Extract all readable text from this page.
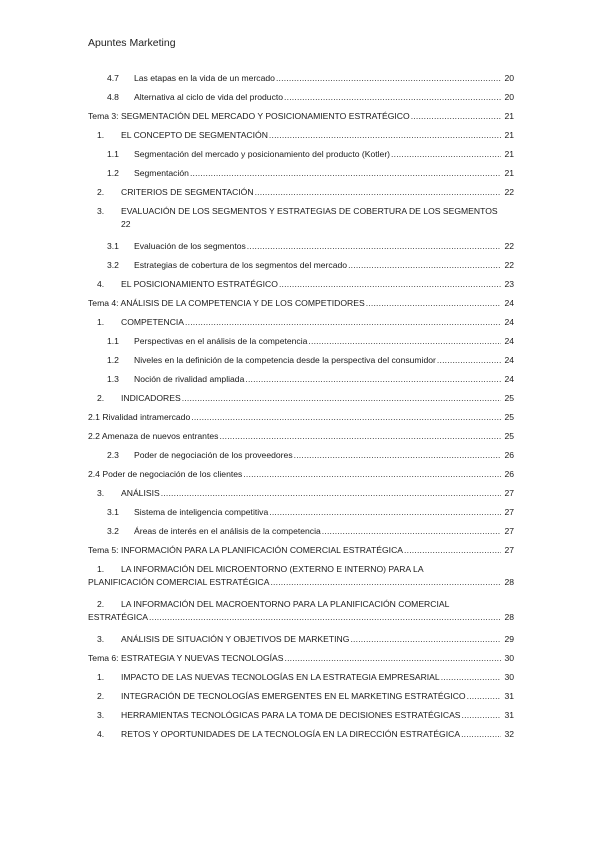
Apuntes Marketing
4.7	Las etapas en la vida de un mercado .....	20
4.8	Alternativa al ciclo de vida del producto .....	20
Tema 3: SEGMENTACIÓN DEL MERCADO Y POSICIONAMIENTO ESTRATÉGICO .....	21
1.	EL CONCEPTO DE SEGMENTACIÓN .....	21
1.1	Segmentación del mercado y posicionamiento del producto (Kotler) .....	21
1.2	Segmentación .....	21
2.	CRITERIOS DE SEGMENTACIÓN .....	22
3.	EVALUACIÓN DE LOS SEGMENTOS Y ESTRATEGIAS DE COBERTURA DE LOS SEGMENTOS
22
3.1	Evaluación de los segmentos .....	22
3.2	Estrategias de cobertura de los segmentos del mercado .....	22
4.	EL POSICIONAMIENTO ESTRATÉGICO .....	23
Tema 4: ANÁLISIS DE LA COMPETENCIA Y DE LOS COMPETIDORES .....	24
1.	COMPETENCIA .....	24
1.1	Perspectivas en el análisis de la competencia .....	24
1.2	Niveles en la definición de la competencia desde la perspectiva del consumidor .....	24
1.3	Noción de rivalidad ampliada .....	24
2.	INDICADORES .....	25
2.1 Rivalidad intramercado .....	25
2.2 Amenaza de nuevos entrantes .....	25
2.3	Poder de negociación de los proveedores .....	26
2.4 Poder de negociación de los clientes .....	26
3.	ANÁLISIS .....	27
3.1	Sistema de inteligencia competitiva .....	27
3.2	Áreas de interés en el análisis de la competencia .....	27
Tema 5: INFORMACIÓN PARA LA PLANIFICACIÓN COMERCIAL ESTRATÉGICA .....	27
1.	LA INFORMACIÓN DEL MICROENTORNO (EXTERNO E INTERNO) PARA LA
PLANIFICACIÓN COMERCIAL ESTRATÉGICA .....	28
2.	LA INFORMACIÓN DEL MACROENTORNO PARA LA PLANIFICACIÓN COMERCIAL
ESTRATÉGICA .....	28
3.	ANÁLISIS DE SITUACIÓN Y OBJETIVOS DE MARKETING .....	29
Tema 6: ESTRATEGIA Y NUEVAS TECNOLOGÍAS .....	30
1.	IMPACTO DE LAS NUEVAS TECNOLOGÍAS EN LA ESTRATEGIA EMPRESARIAL .....	30
2.	INTEGRACIÓN DE TECNOLOGÍAS EMERGENTES EN EL MARKETING ESTRATÉGICO .....	31
3.	HERRAMIENTAS TECNOLÓGICAS PARA LA TOMA DE DECISIONES ESTRATÉGICAS .....	31
4.	RETOS Y OPORTUNIDADES DE LA TECNOLOGÍA EN LA DIRECCIÓN ESTRATÉGICA .....	32
